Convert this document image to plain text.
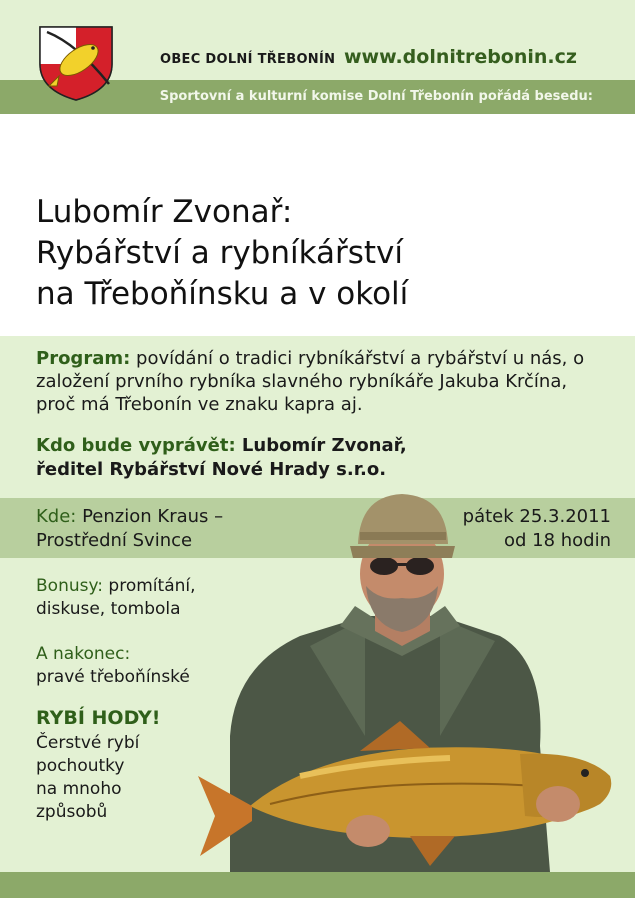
OBEC DOLNÍ TŘEBONÍN www.dolnitrebonin.cz
Sportovní a kulturní komise Dolní Třebonín pořádá besedu:
Lubomír Zvonař:
Rybářství a rybníkářství
na Třeboňínsku a v okolí
Program: povídání o tradici rybníkářství a rybářství u nás, o založení prvního rybníka slavného rybníkáře Jakuba Krčína, proč má Třebonín ve znaku kapra aj.
Kdo bude vyprávět: Lubomír Zvonař,
ředitel Rybářství Nové Hrady s.r.o.
Kde: Penzion Kraus –
Prostřední Svince
pátek 25.3.2011
od 18 hodin
Bonusy: promítání,
diskuse, tombola
A nakonec:
pravé třeboňínské
RYBÍ HODY!
Čerstvé rybí
pochoutky
na mnoho
způsobů
